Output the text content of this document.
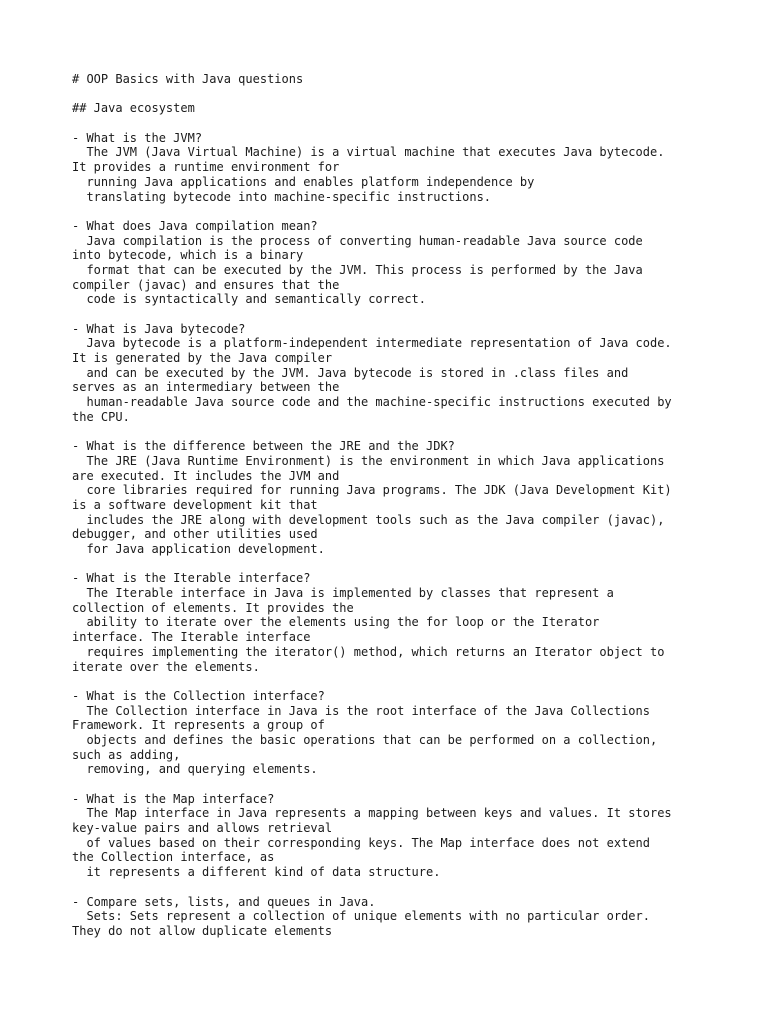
# OOP Basics with Java questions
## Java ecosystem
- What is the JVM?
The JVM (Java Virtual Machine) is a virtual machine that executes Java bytecode.
It provides a runtime environment for
running Java applications and enables platform independence by
translating bytecode into machine-specific instructions.
- What does Java compilation mean?
Java compilation is the process of converting human-readable Java source code
into bytecode, which is a binary
format that can be executed by the JVM. This process is performed by the Java
compiler (javac) and ensures that the
code is syntactically and semantically correct.
- What is Java bytecode?
Java bytecode is a platform-independent intermediate representation of Java code.
It is generated by the Java compiler
and can be executed by the JVM. Java bytecode is stored in .class files and
serves as an intermediary between the
human-readable Java source code and the machine-specific instructions executed by
the CPU.
- What is the difference between the JRE and the JDK?
The JRE (Java Runtime Environment) is the environment in which Java applications
are executed. It includes the JVM and
core libraries required for running Java programs. The JDK (Java Development Kit)
is a software development kit that
includes the JRE along with development tools such as the Java compiler (javac),
debugger, and other utilities used
for Java application development.
- What is the Iterable interface?
The Iterable interface in Java is implemented by classes that represent a
collection of elements. It provides the
ability to iterate over the elements using the for loop or the Iterator
interface. The Iterable interface
requires implementing the iterator() method, which returns an Iterator object to
iterate over the elements.
- What is the Collection interface?
The Collection interface in Java is the root interface of the Java Collections
Framework. It represents a group of
objects and defines the basic operations that can be performed on a collection,
such as adding,
removing, and querying elements.
- What is the Map interface?
The Map interface in Java represents a mapping between keys and values. It stores
key-value pairs and allows retrieval
of values based on their corresponding keys. The Map interface does not extend
the Collection interface, as
it represents a different kind of data structure.
- Compare sets, lists, and queues in Java.
Sets: Sets represent a collection of unique elements with no particular order.
They do not allow duplicate elements
